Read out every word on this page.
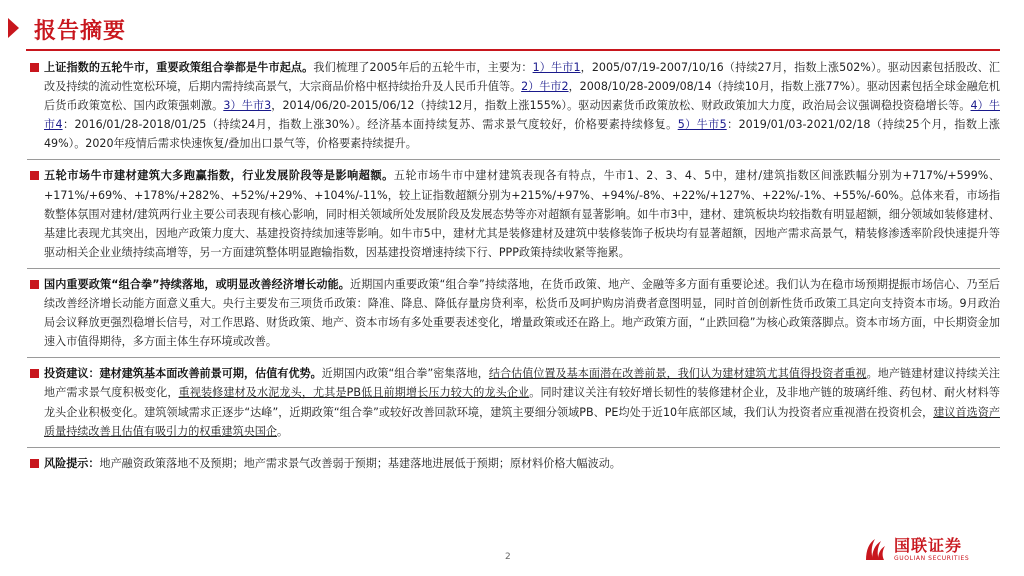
报告摘要
上证指数的五轮牛市，重要政策组合拳都是牛市起点。我们梳理了2005年后的五轮牛市，主要为：1）牛市1，2005/07/19-2007/10/16（持续27月，指数上涨502%）。驱动因素包括股改、汇改及持续的流动性宽松环境，后期内需持续高景气，大宗商品价格中枢持续抬升及人民币升值等。2）牛市2，2008/10/28-2009/08/14（持续10月，指数上涨77%）。驱动因素包括全球金融危机后货币政策宽松、国内政策强刺激。3）牛市3，2014/06/20-2015/06/12（持续12月，指数上涨155%）。驱动因素货币政策放松、财政政策加大力度，政治局会议强调稳投资稳增长等。4）牛市4：2016/01/28-2018/01/25（持续24月，指数上涨30%）。经济基本面持续复苏、需求景气度较好，价格要素持续修复。5）牛市5：2019/01/03-2021/02/18（持续25个月，指数上涨49%）。2020年疫情后需求快速恢复/叠加出口景气等，价格要素持续提升。
五轮市场牛市建材建筑大多跑赢指数，行业发展阶段等是影响超额。五轮市场牛市中建材建筑表现各有特点，牛市1、2、3、4、5中，建材/建筑指数区间涨跌幅分别为+717%/+599%、+171%/+69%、+178%/+282%、+52%/+29%、+104%/-11%，较上证指数超额分别为+215%/+97%、+94%/-8%、+22%/+127%、+22%/-1%、+55%/-60%。总体来看，市场指数整体氛围对建材/建筑两行业主要公司表现有核心影响，同时相关领域所处发展阶段及发展态势等亦对超额有显著影响。如牛市3中，建材、建筑板块均较指数有明显超额，细分领域如装修建材、基建比表现尤其突出，因地产政策力度大、基建投资持续加速等影响。如牛市5中，建材尤其是装修建材及建筑中装修装饰子板块均有显著超额，因地产需求高景气，精装修渗透率阶段快速提升等驱动相关企业业绩持续高增等，另一方面建筑整体明显跑输指数，因基建投资增速持续下行、PPP政策持续收紧等拖累。
国内重要政策“组合拳”持续落地，或明显改善经济增长动能。近期国内重要政策“组合拳”持续落地，在货币政策、地产、金融等多方面有重要论述。我们认为在稳市场预期提振市场信心、乃至后续改善经济增长动能方面意义重大。央行主要发布三项货币政策：降准、降息、降低存量房贷利率，松货币及呵护购房消费者意图明显，同时首创创新性货币政策工具定向支持资本市场。9月政治局会议释放更强烈稳增长信号，对工作思路、财货政策、地产、资本市场有多处重要表述变化，增量政策或还在路上。地产政策方面，“止跌回稳”为核心政策落脚点。资本市场方面，中长期资金加速入市值得期待，多方面主体生存环境或改善。
投资建议：建材建筑基本面改善前景可期，估值有优势。近期国内政策“组合拳”密集落地，结合估值位置及基本面潜在改善前景，我们认为建材建筑尤其值得投资者重视。地产链建材建议持续关注地产需求景气度积极变化，重视装修建材及水泥龙头，尤其是PB低且前期增长压力较大的龙头企业。同时建议关注有较好增长韧性的装修建材企业，及非地产链的玻璃纤维、药包材、耐火材料等龙头企业积极变化。建筑领域需求正逐步“达峰”，近期政策“组合拳”或较好改善回款环境，建筑主要细分领域PB、PE均处于近10年底部区域，我们认为投资者应重视潜在投资机会，建议首选资产质量持续改善且估值有吸引力的权重建筑央国企。
风险提示：地产融资政策落地不及预期；地产需求景气改善弱于预期；基建落地进展低于预期；原材料价格大幅波动。
2
国联证券
GUOLIAN SECURITIES
